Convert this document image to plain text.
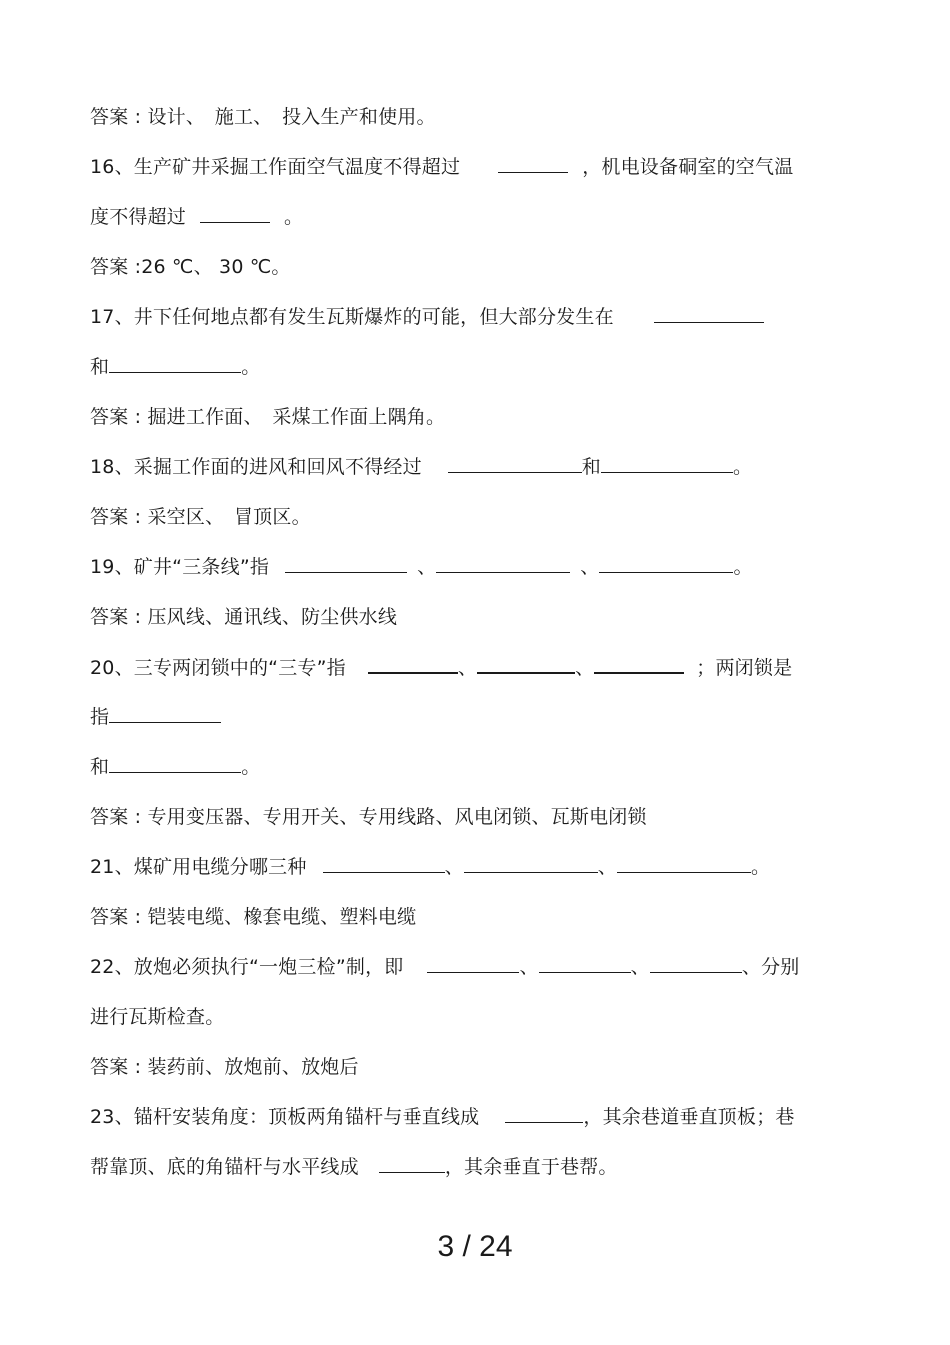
答案 : 设计、　施工、　投入生产和使用。
16、生产矿井采掘工作面空气温度不得超过	，机电设备硐室的空气温
度不得超过	。
答案 :26 ℃、 30 ℃。
17、井下任何地点都有发生瓦斯爆炸的可能，但大部分发生在
和	。
答案 : 掘进工作面、　采煤工作面上隅角。
18、采掘工作面的进风和回风不得经过	和	。
答案 : 采空区、　冒顶区。
19、矿井“三条线”指	、	、	。
答案 : 压风线、通讯线、防尘供水线
20、三专两闭锁中的“三专”指	、	、	；两闭锁是
指
和	。
答案 : 专用变压器、专用开关、专用线路、风电闭锁、瓦斯电闭锁
21、煤矿用电缆分哪三种	、	、	。
答案 : 铠装电缆、橡套电缆、塑料电缆
22、放炮必须执行“一炮三检”制，即	、	、	、分别
进行瓦斯检查。
答案 : 装药前、放炮前、放炮后
23、锚杆安装角度：顶板两角锚杆与垂直线成	，其余巷道垂直顶板；巷
帮靠顶、底的角锚杆与水平线成	，其余垂直于巷帮。
3 / 24
